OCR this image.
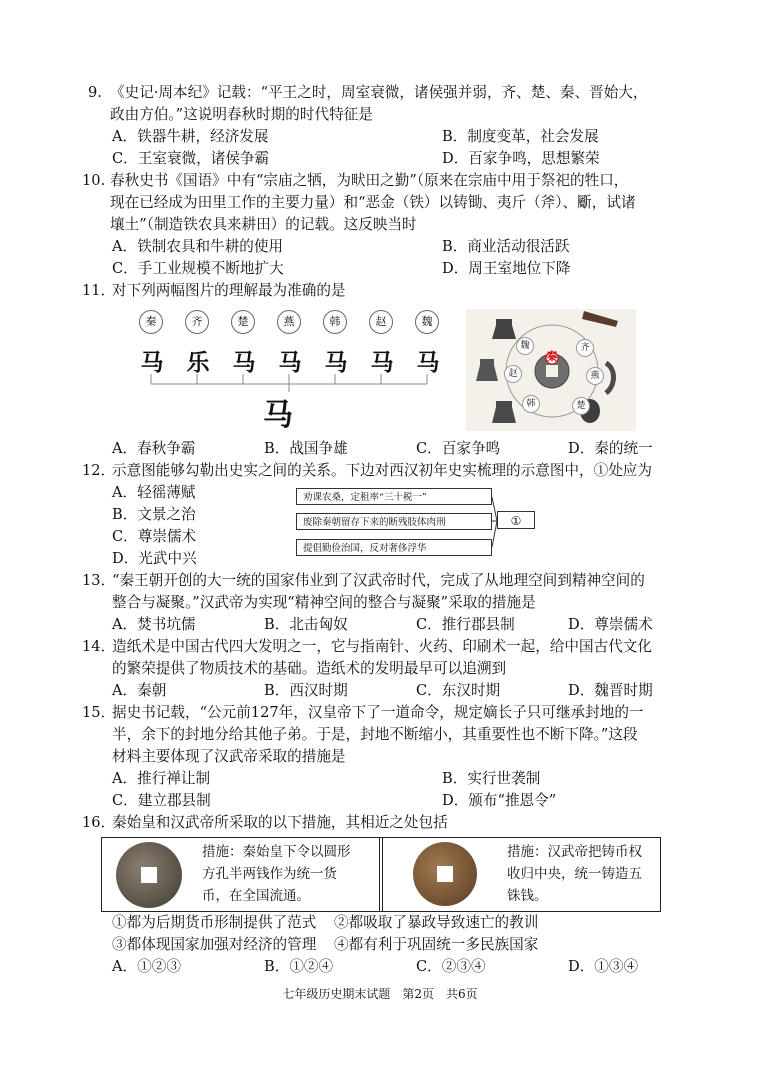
9. 《史记·周本纪》记载：“平王之时，周室衰微，诸侯强并弱，齐、楚、秦、晋始大，
政由方伯。”这说明春秋时期的时代特征是
A．铁器牛耕，经济发展	B．制度变革，社会发展
C．王室衰微，诸侯争霸	D．百家争鸣，思想繁荣
10. 春秋史书《国语》中有“宗庙之牺，为畎田之勤”（原来在宗庙中用于祭祀的牲口，
现在已经成为田里工作的主要力量）和“恶金（铁）以铸锄、夷斤（斧）、斸，试诸
壤土”（制造铁农具来耕田）的记载。这反映当时
A．铁制农具和牛耕的使用	B．商业活动很活跃
C．手工业规模不断地扩大	D．周王室地位下降
11．
对下列两幅图片的理解最为准确的是
秦	齐	楚	燕	韩	赵	魏
马 乐 马 马 马 马 马
马
魏	齐
赵	燕
韩	楚
秦
A．春秋争霸	B．战国争雄	C．百家争鸣	D．秦的统一
12．
示意图能够勾勒出史实之间的关系。下边对西汉初年史实梳理的示意图中，①处应为
A．轻徭薄赋
B．文景之治
C．尊崇儒术
D．光武中兴
劝课农桑，定租率“三十税一”
废除秦朝留存下来的断残肢体肉刑
提倡勤俭治国，反对奢侈浮华
①
13．
“秦王朝开创的大一统的国家伟业到了汉武帝时代，完成了从地理空间到精神空间的
整合与凝聚。”汉武帝为实现“精神空间的整合与凝聚”采取的措施是
A．焚书坑儒	B．北击匈奴	C．推行郡县制	D．尊崇儒术
14．
造纸术是中国古代四大发明之一，它与指南针、火药、印刷术一起，给中国古代文化
的繁荣提供了物质技术的基础。造纸术的发明最早可以追溯到
A．秦朝	B．西汉时期	C．东汉时期	D．魏晋时期
15．
据史书记载，“公元前127年，汉皇帝下了一道命令，规定嫡长子只可继承封地的一
半，余下的封地分给其他子弟。于是，封地不断缩小，其重要性也不断下降。”这段
材料主要体现了汉武帝采取的措施是
A．推行禅让制	B．实行世袭制
C．建立郡县制	D．颁布“推恩令”
16．
秦始皇和汉武帝所采取的以下措施，其相近之处包括
措施：秦始皇下令以圆形
方孔半两钱作为统一货
币，在全国流通。
措施：汉武帝把铸币权
收归中央，统一铸造五
铢钱。
①都为后期货币形制提供了范式	②都吸取了暴政导致速亡的教训
③都体现国家加强对经济的管理	④都有利于巩固统一多民族国家
A．①②③	B．①②④	C．②③④	D．①③④
七年级历史期末试题　第2页　共6页
